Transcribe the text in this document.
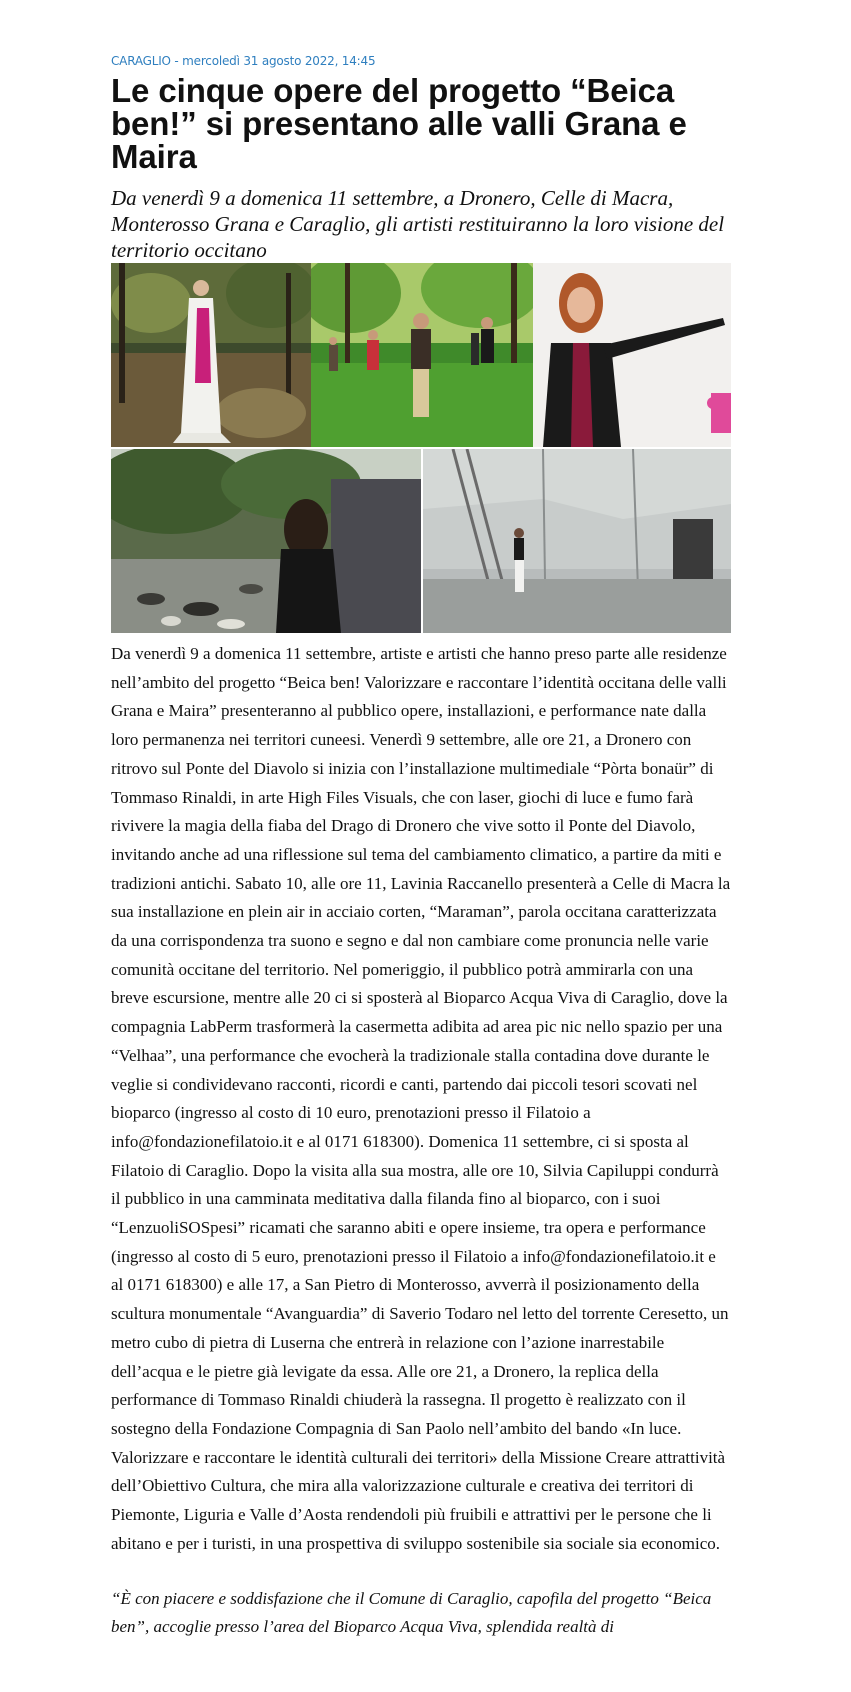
CARAGLIO - mercoledì 31 agosto 2022, 14:45
Le cinque opere del progetto “Beica ben!” si presentano alle valli Grana e Maira
Da venerdì 9 a domenica 11 settembre, a Dronero, Celle di Macra, Monterosso Grana e Caraglio, gli artisti restituiranno la loro visione del territorio occitano
Da venerdì 9 a domenica 11 settembre, artiste e artisti che hanno preso parte alle residenze nell’ambito del progetto “Beica ben! Valorizzare e raccontare l’identità occitana delle valli Grana e Maira” presenteranno al pubblico opere, installazioni, e performance nate dalla loro permanenza nei territori cuneesi. Venerdì 9 settembre, alle ore 21, a Dronero con ritrovo sul Ponte del Diavolo si inizia con l’installazione multimediale “Pòrta bonaür” di Tommaso Rinaldi, in arte High Files Visuals, che con laser, giochi di luce e fumo farà rivivere la magia della fiaba del Drago di Dronero che vive sotto il Ponte del Diavolo, invitando anche ad una riflessione sul tema del cambiamento climatico, a partire da miti e tradizioni antichi. Sabato 10, alle ore 11, Lavinia Raccanello presenterà a Celle di Macra la sua installazione en plein air in acciaio corten, “Maraman”, parola occitana caratterizzata da una corrispondenza tra suono e segno e dal non cambiare come pronuncia nelle varie comunità occitane del territorio. Nel pomeriggio, il pubblico potrà ammirarla con una breve escursione, mentre alle 20 ci si sposterà al Bioparco Acqua Viva di Caraglio, dove la compagnia LabPerm trasformerà la casermetta adibita ad area pic nic nello spazio per una “Velhaa”, una performance che evocherà la tradizionale stalla contadina dove durante le veglie si condividevano racconti, ricordi e canti, partendo dai piccoli tesori scovati nel bioparco (ingresso al costo di 10 euro, prenotazioni presso il Filatoio a info@fondazionefilatoio.it e al 0171 618300). Domenica 11 settembre, ci si sposta al Filatoio di Caraglio. Dopo la visita alla sua mostra, alle ore 10, Silvia Capiluppi condurrà il pubblico in una camminata meditativa dalla filanda fino al bioparco, con i suoi “LenzuoliSOSpesi” ricamati che saranno abiti e opere insieme, tra opera e performance (ingresso al costo di 5 euro, prenotazioni presso il Filatoio a info@fondazionefilatoio.it e al 0171 618300) e alle 17, a San Pietro di Monterosso, avverrà il posizionamento della scultura monumentale “Avanguardia” di Saverio Todaro nel letto del torrente Ceresetto, un metro cubo di pietra di Luserna che entrerà in relazione con l’azione inarrestabile dell’acqua e le pietre già levigate da essa. Alle ore 21, a Dronero, la replica della performance di Tommaso Rinaldi chiuderà la rassegna. Il progetto è realizzato con il sostegno della Fondazione Compagnia di San Paolo nell’ambito del bando «In luce. Valorizzare e raccontare le identità culturali dei territori» della Missione Creare attrattività dell’Obiettivo Cultura, che mira alla valorizzazione culturale e creativa dei territori di Piemonte, Liguria e Valle d’Aosta rendendoli più fruibili e attrattivi per le persone che li abitano e per i turisti, in una prospettiva di sviluppo sostenibile sia sociale sia economico.
“È con piacere e soddisfazione che il Comune di Caraglio, capofila del progetto “Beica ben”, accoglie presso l’area del Bioparco Acqua Viva, splendida realtà di
